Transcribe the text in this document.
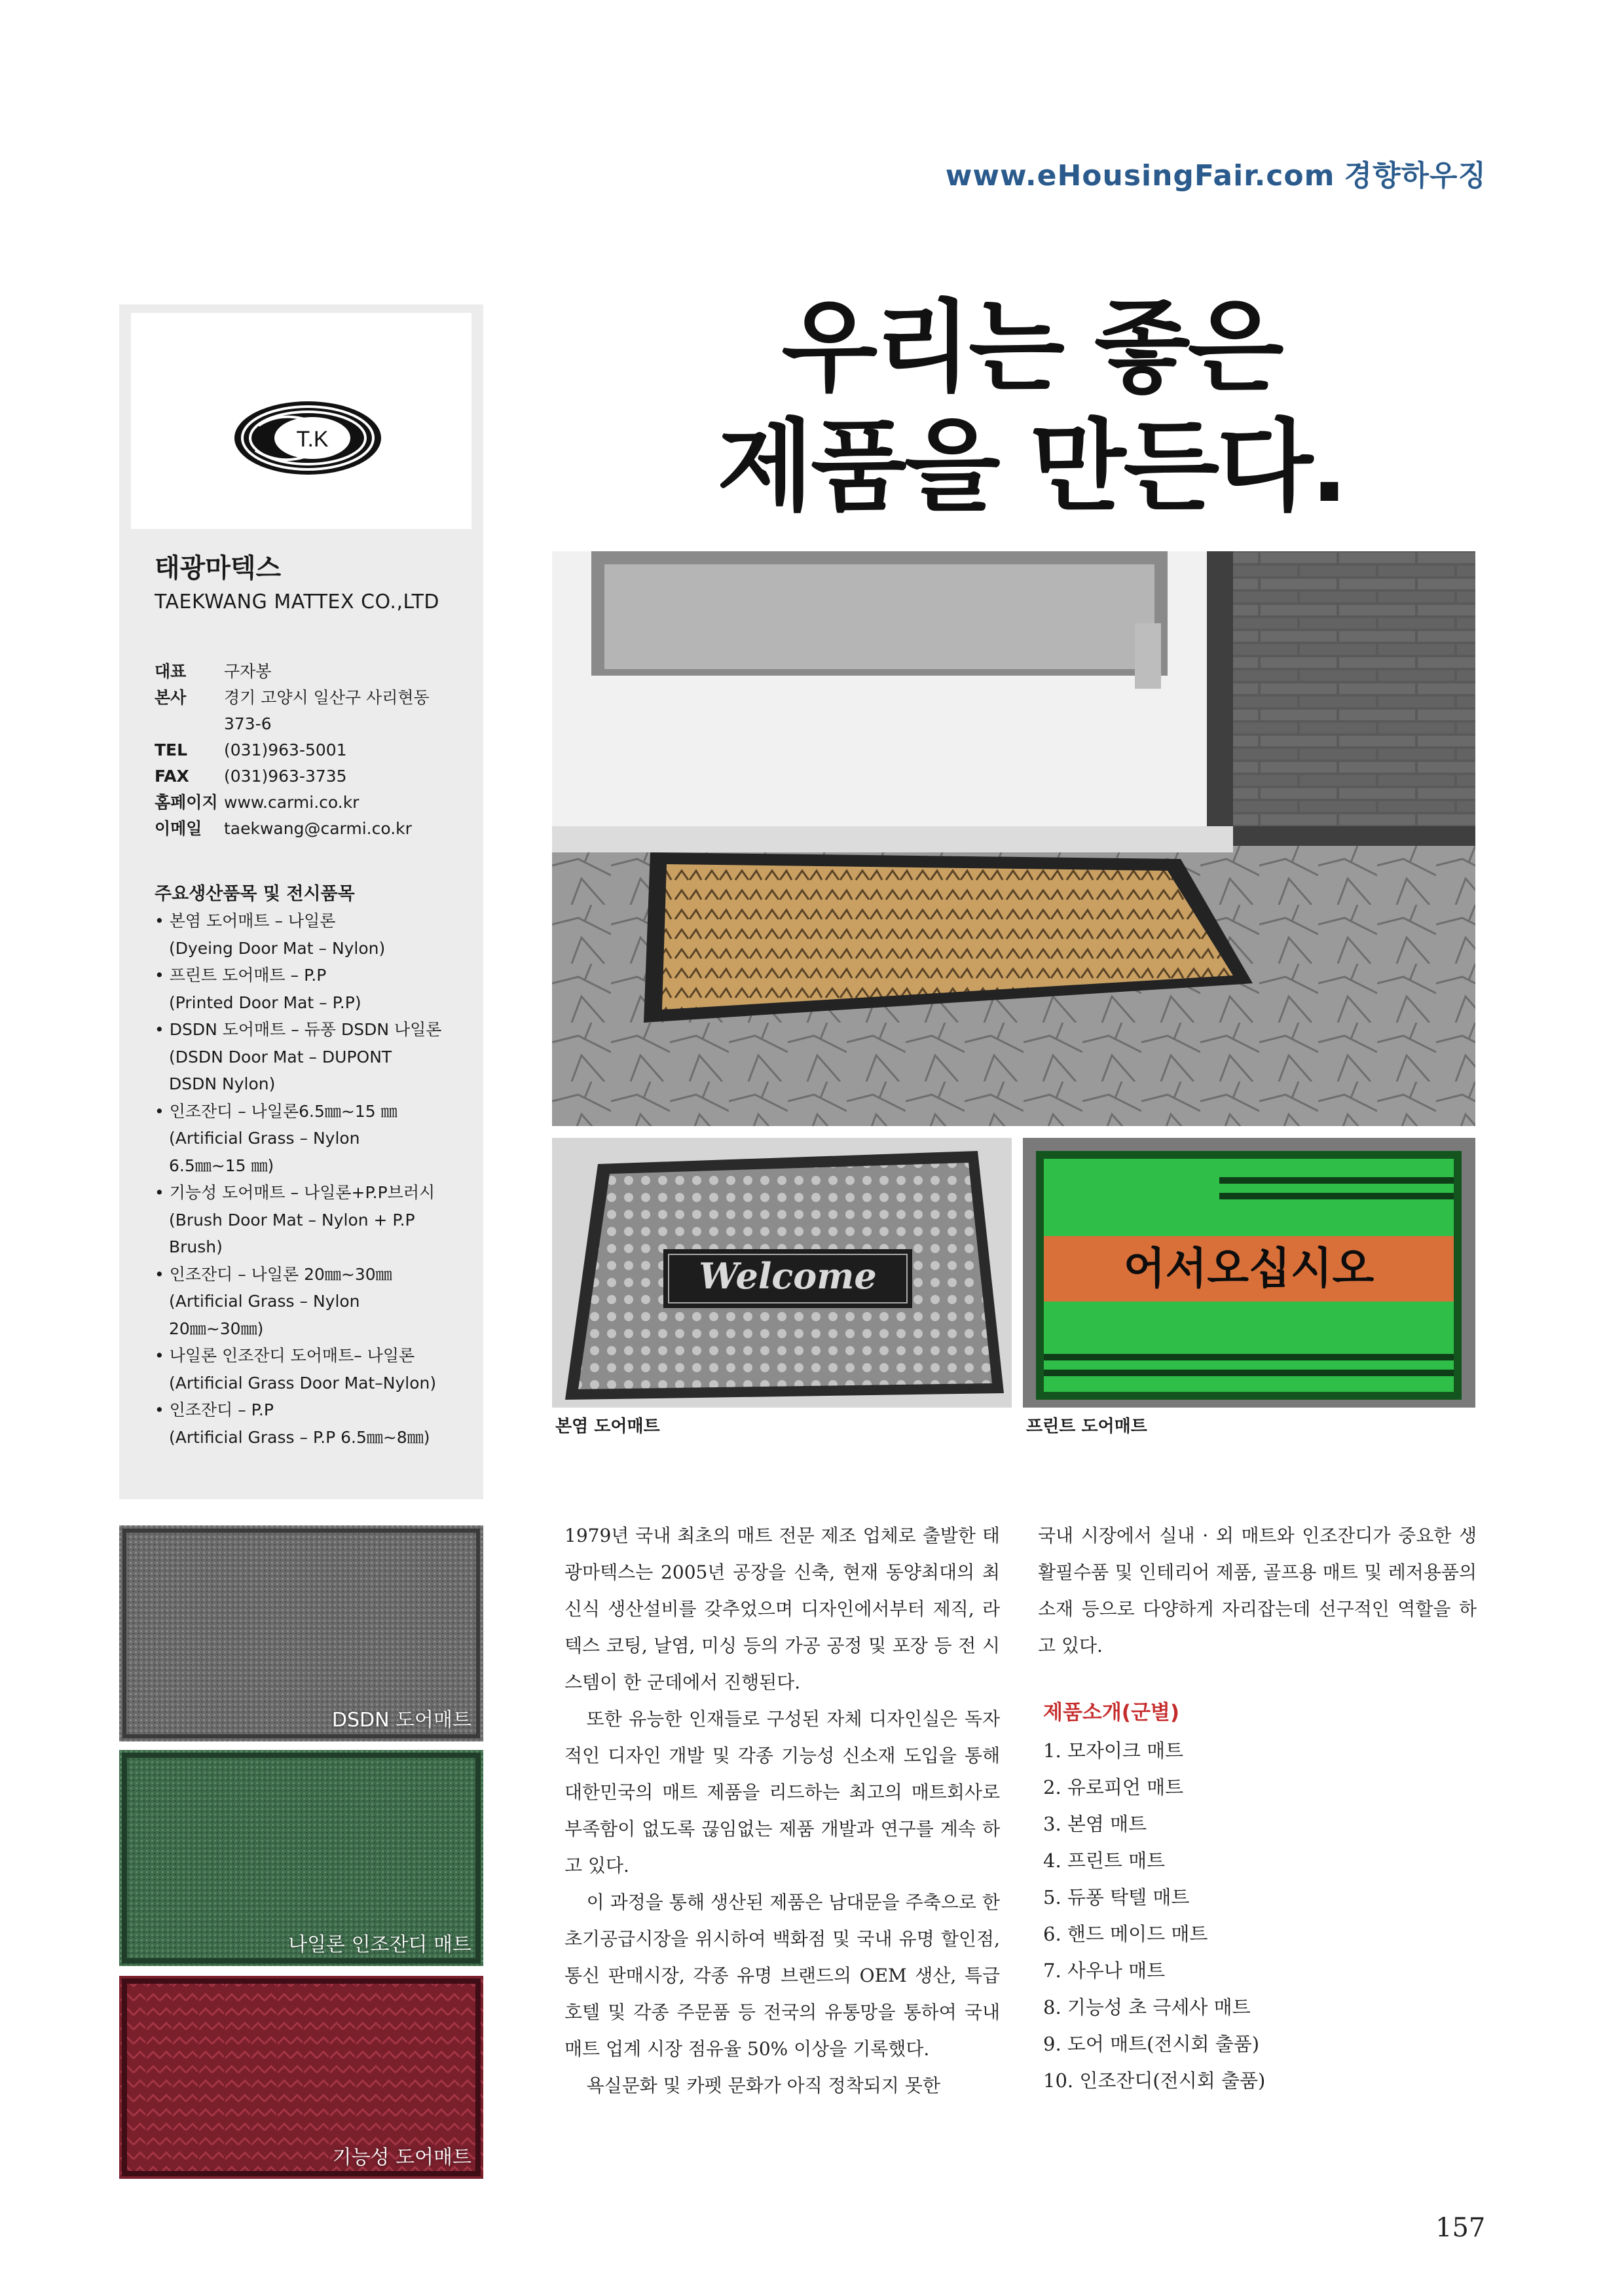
www.eHousingFair.com 경향하우징
우리는 좋은
제품을 만든다.
T.K
태광마텍스
TAEKWANG MATTEX CO.,LTD
대표 구자봉
본사 경기 고양시 일산구 사리현동
373-6
TEL (031)963-5001
FAX (031)963-3735
홈페이지 www.carmi.co.kr
이메일 taekwang@carmi.co.kr
주요생산품목 및 전시품목
• 본염 도어매트 – 나일론
(Dyeing Door Mat – Nylon)
• 프린트 도어매트 – P.P
(Printed Door Mat – P.P)
• DSDN 도어매트 – 듀퐁 DSDN 나일론
(DSDN Door Mat – DUPONT
DSDN Nylon)
• 인조잔디 – 나일론6.5㎜~15 ㎜
(Artificial Grass – Nylon
6.5㎜~15 ㎜)
• 기능성 도어매트 – 나일론+P.P브러시
(Brush Door Mat – Nylon + P.P
Brush)
• 인조잔디 – 나일론 20㎜~30㎜
(Artificial Grass – Nylon
20㎜~30㎜)
• 나일론 인조잔디 도어매트– 나일론
(Artificial Grass Door Mat–Nylon)
• 인조잔디 – P.P
(Artificial Grass – P.P 6.5㎜~8㎜)
Welcome
본염 도어매트
어서오십시오
프린트 도어매트
DSDN 도어매트
나일론 인조잔디 매트
기능성 도어매트

1979년 국내 최초의 매트 전문 제조 업체로 출발한 태광마텍스는 2005년 공장을 신축, 현재 동양최대의 최신식 생산설비를 갖추었으며 디자인에서부터 제직, 라텍스 코팅, 날염, 미싱 등의 가공 공정 및 포장 등 전 시스템이 한 군데에서 진행된다.

또한 유능한 인재들로 구성된 자체 디자인실은 독자적인 디자인 개발 및 각종 기능성 신소재 도입을 통해 대한민국의 매트 제품을 리드하는 최고의 매트회사로 부족함이 없도록 끊임없는 제품 개발과 연구를 계속 하고 있다.

이 과정을 통해 생산된 제품은 남대문을 주축으로 한 초기공급시장을 위시하여 백화점 및 국내 유명 할인점, 통신 판매시장, 각종 유명 브랜드의 OEM 생산, 특급 호텔 및 각종 주문품 등 전국의 유통망을 통하여 국내 매트 업계 시장 점유율 50% 이상을 기록했다.

욕실문화 및 카펫 문화가 아직 정착되지 못한

국내 시장에서 실내 · 외 매트와 인조잔디가 중요한 생활필수품 및 인테리어 제품, 골프용 매트 및 레저용품의 소재 등으로 다양하게 자리잡는데 선구적인 역할을 하고 있다.

제품소개(군별)
1. 모자이크 매트
2. 유로피언 매트
3. 본염 매트
4. 프린트 매트
5. 듀퐁 탁텔 매트
6. 핸드 메이드 매트
7. 사우나 매트
8. 기능성 초 극세사 매트
9. 도어 매트(전시회 출품)
10. 인조잔디(전시회 출품)
157
